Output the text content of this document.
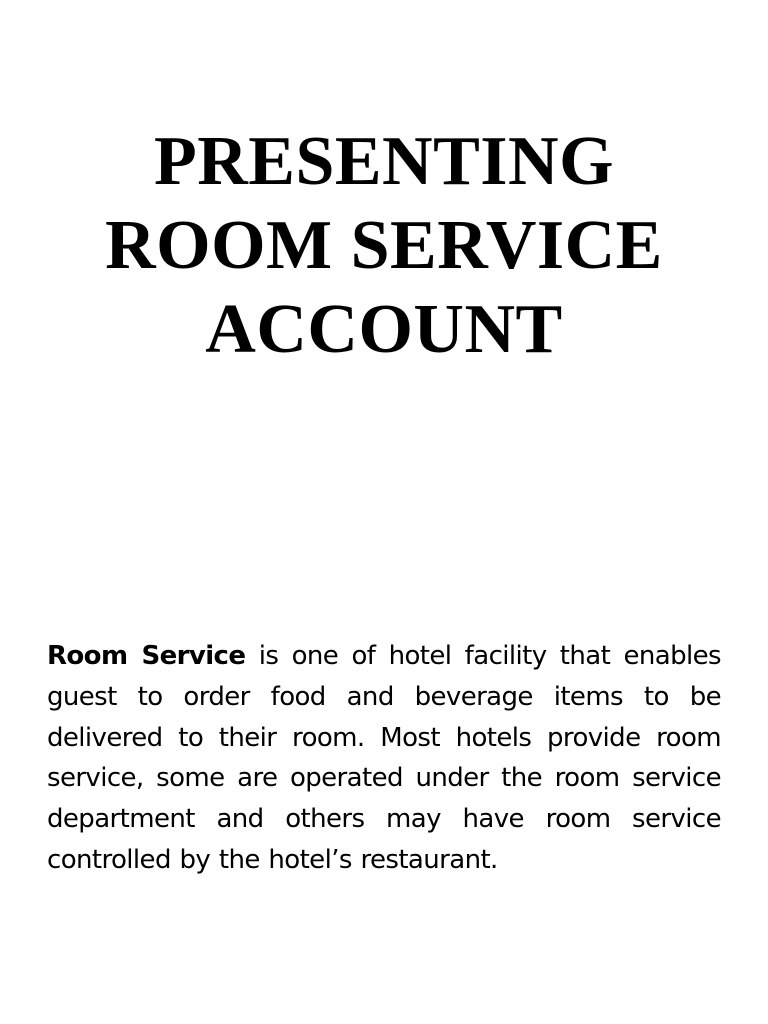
PRESENTING
ROOM SERVICE
ACCOUNT

Room Service is one of hotel facility that enables guest to order food and beverage items to be delivered to their room. Most hotels provide room service, some are operated under the room service department and others may have room service controlled by the hotel’s restaurant.
